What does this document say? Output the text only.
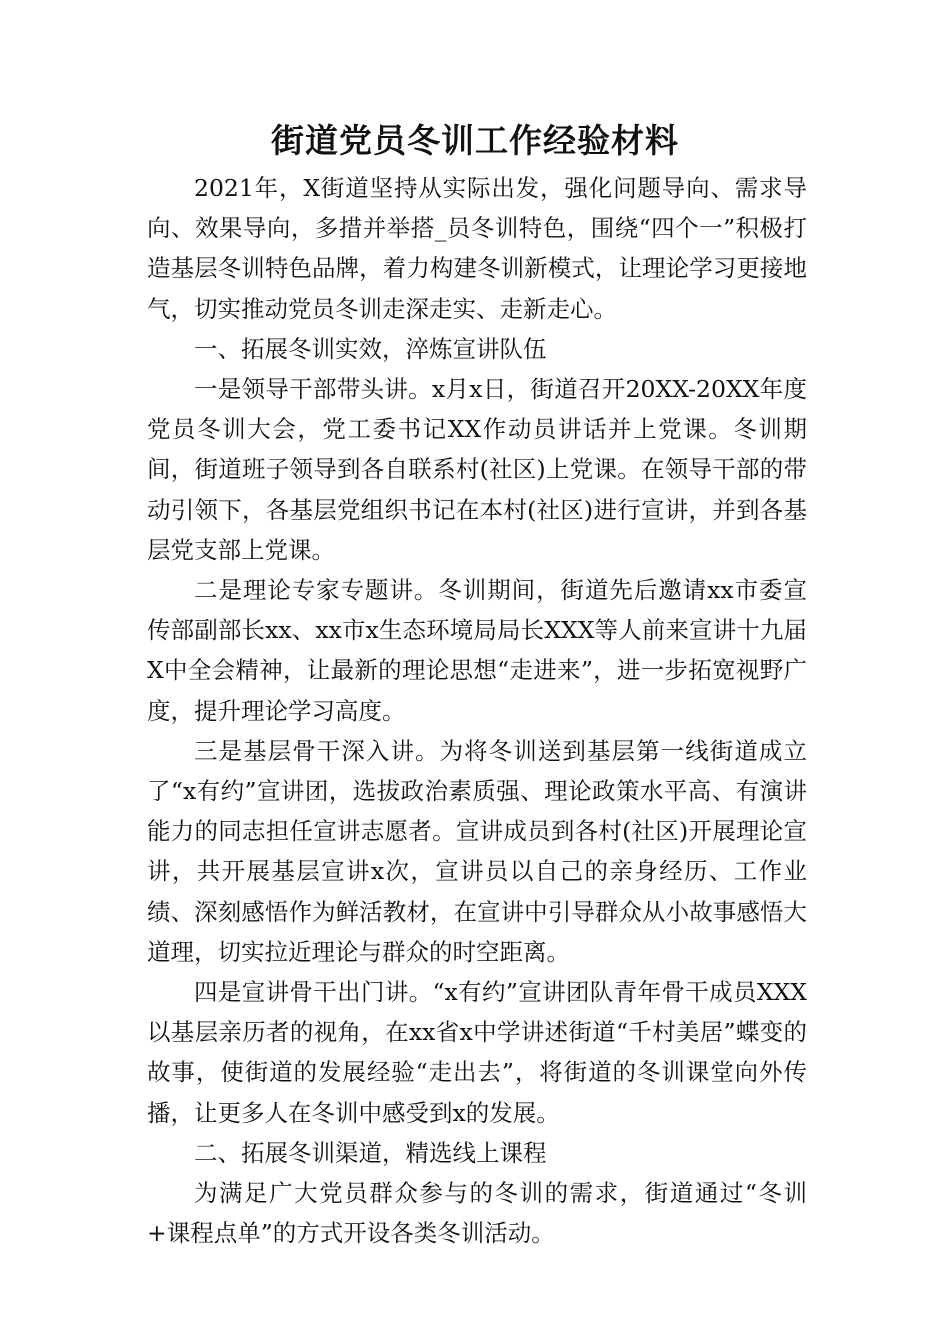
街道党员冬训工作经验材料

2021年，X街道坚持从实际出发，强化问题导向、需求导向、效果导向，多措并举搭_员冬训特色，围绕“四个一”积极打造基层冬训特色品牌，着力构建冬训新模式，让理论学习更接地气，切实推动党员冬训走深走实、走新走心。

一、拓展冬训实效，淬炼宣讲队伍

一是领导干部带头讲。x月x日，街道召开20XX-20XX年度党员冬训大会，党工委书记XX作动员讲话并上党课。冬训期间，街道班子领导到各自联系村(社区)上党课。在领导干部的带动引领下，各基层党组织书记在本村(社区)进行宣讲，并到各基层党支部上党课。

二是理论专家专题讲。冬训期间，街道先后邀请xx市委宣传部副部长xx、xx市x生态环境局局长XXX等人前来宣讲十九届X中全会精神，让最新的理论思想“走进来”，进一步拓宽视野广度，提升理论学习高度。

三是基层骨干深入讲。为将冬训送到基层第一线街道成立了“x有约”宣讲团，选拔政治素质强、理论政策水平高、有演讲能力的同志担任宣讲志愿者。宣讲成员到各村(社区)开展理论宣讲，共开展基层宣讲x次，宣讲员以自己的亲身经历、工作业绩、深刻感悟作为鲜活教材，在宣讲中引导群众从小故事感悟大道理，切实拉近理论与群众的时空距离。

四是宣讲骨干出门讲。“x有约”宣讲团队青年骨干成员XXX以基层亲历者的视角，在xx省x中学讲述街道“千村美居”蝶变的故事，使街道的发展经验“走出去”，将街道的冬训课堂向外传播，让更多人在冬训中感受到x的发展。

二、拓展冬训渠道，精选线上课程

为满足广大党员群众参与的冬训的需求，街道通过“冬训+课程点单”的方式开设各类冬训活动。
